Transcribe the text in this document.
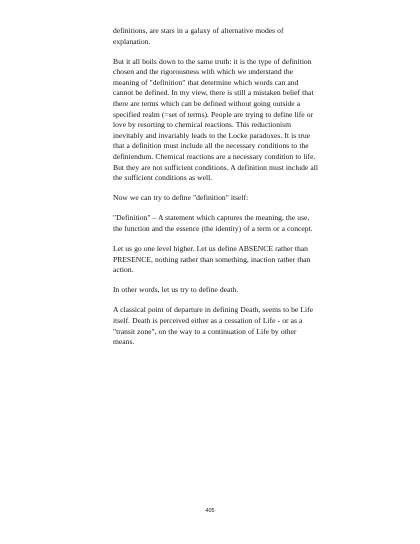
definitions, are stars in a galaxy of alternative modes of explanation.

But it all boils down to the same truth: it is the type of definition chosen and the rigorousness with which we understand the meaning of "definition" that determine which words can and cannot be defined. In my view, there is still a mistaken belief that there are terms which can be defined without going outside a specified realm (=set of terms). People are trying to define life or love by resorting to chemical reactions. This reductionism inevitably and invariably leads to the Locke paradoxes. It is true that a definition must include all the necessary conditions to the definiendum. Chemical reactions are a necessary condition to life. But they are not sufficient conditions. A definition must include all the sufficient conditions as well.

Now we can try to define "definition" itself:

"Definition" – A statement which captures the meaning, the use, the function and the essence (the identity) of a term or a concept.

Let us go one level higher. Let us define ABSENCE rather than PRESENCE, nothing rather than something, inaction rather than action.

In other words, let us try to define death.

A classical point of departure in defining Death, seems to be Life itself. Death is perceived either as a cessation of Life - or as a "transit zone", on the way to a continuation of Life by other means.

405
